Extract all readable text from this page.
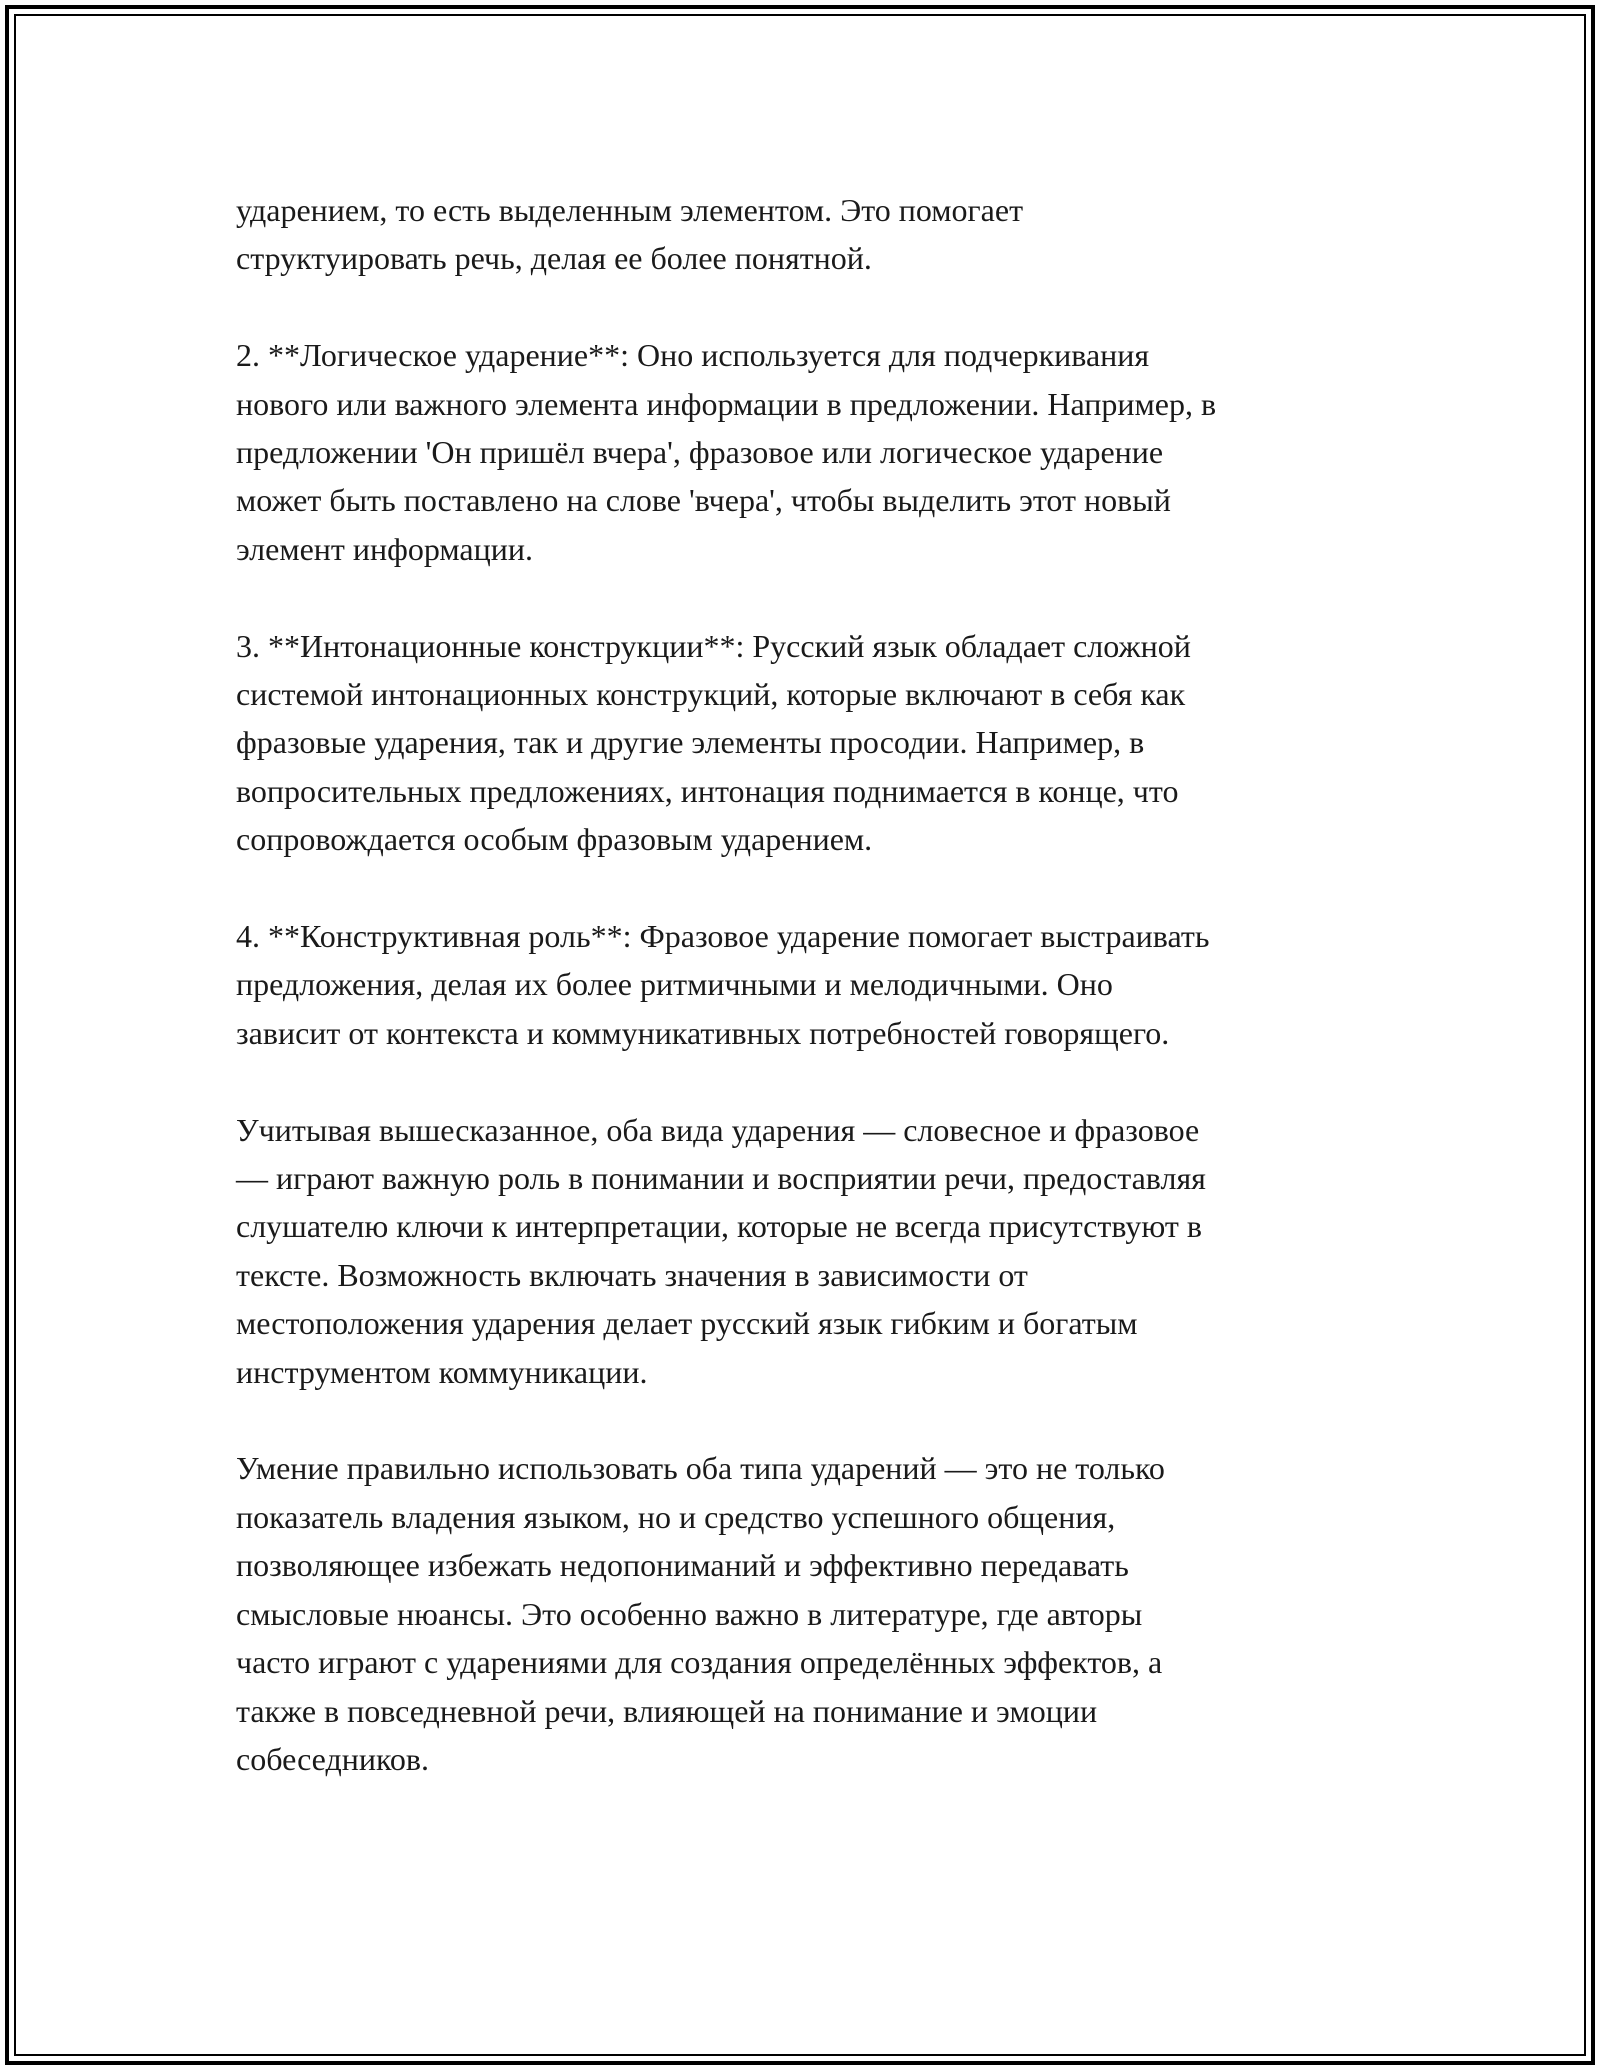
ударением, то есть выделенным элементом. Это помогает
структуировать речь, делая ее более понятной.

2. **Логическое ударение**: Оно используется для подчеркивания
нового или важного элемента информации в предложении. Например, в
предложении 'Он пришёл вчера', фразовое или логическое ударение
может быть поставлено на слове 'вчера', чтобы выделить этот новый
элемент информации.

3. **Интонационные конструкции**: Русский язык обладает сложной
системой интонационных конструкций, которые включают в себя как
фразовые ударения, так и другие элементы просодии. Например, в
вопросительных предложениях, интонация поднимается в конце, что
сопровождается особым фразовым ударением.

4. **Конструктивная роль**: Фразовое ударение помогает выстраивать
предложения, делая их более ритмичными и мелодичными. Оно
зависит от контекста и коммуникативных потребностей говорящего.

Учитывая вышесказанное, оба вида ударения — словесное и фразовое
— играют важную роль в понимании и восприятии речи, предоставляя
слушателю ключи к интерпретации, которые не всегда присутствуют в
тексте. Возможность включать значения в зависимости от
местоположения ударения делает русский язык гибким и богатым
инструментом коммуникации.

Умение правильно использовать оба типа ударений — это не только
показатель владения языком, но и средство успешного общения,
позволяющее избежать недопониманий и эффективно передавать
смысловые нюансы. Это особенно важно в литературе, где авторы
часто играют с ударениями для создания определённых эффектов, а
также в повседневной речи, влияющей на понимание и эмоции
собеседников.
